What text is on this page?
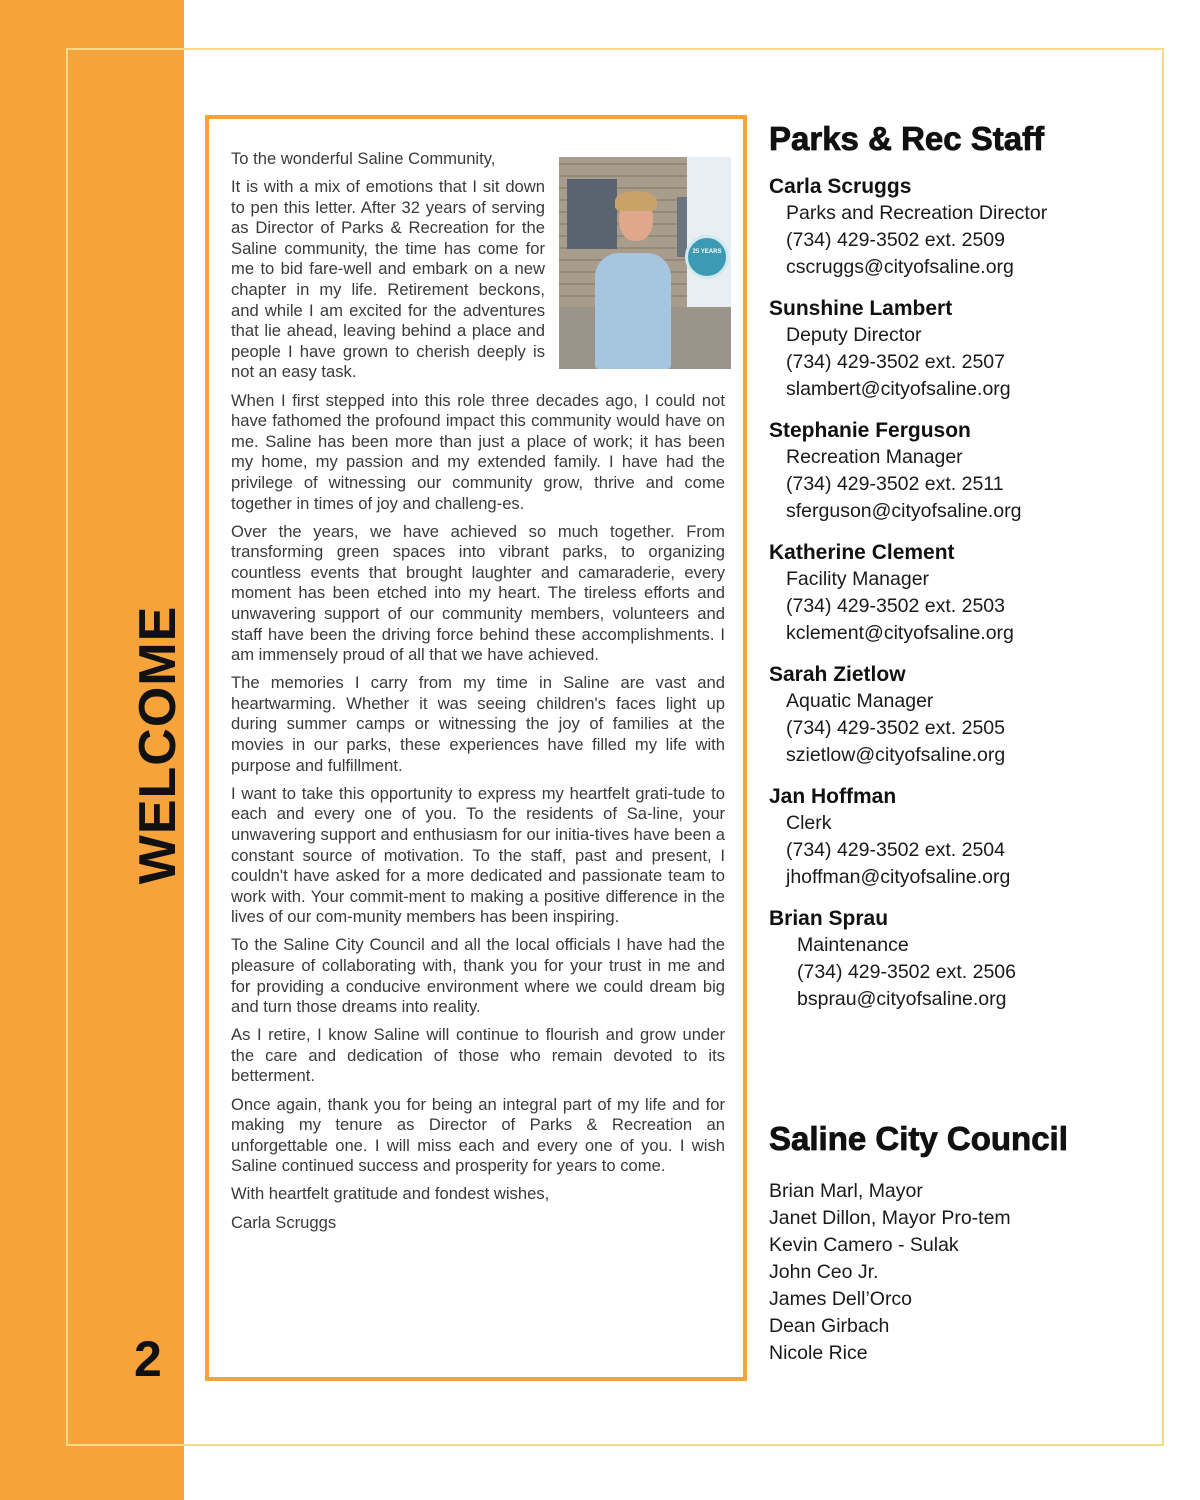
WELCOME
2
25 YEARS

To the wonderful Saline Community,

It is with a mix of emotions that I sit down to pen this letter. After 32 years of serving as Director of Parks & Recreation for the Saline community, the time has come for me to bid fare-well and embark on a new chapter in my life. Retirement beckons, and while I am excited for the adventures that lie ahead, leaving behind a place and people I have grown to cherish deeply is not an easy task.

When I first stepped into this role three decades ago, I could not have fathomed the profound impact this community would have on me. Saline has been more than just a place of work; it has been my home, my passion and my extended family. I have had the privilege of witnessing our community grow, thrive and come together in times of joy and challeng-es.

Over the years, we have achieved so much together. From transforming green spaces into vibrant parks, to organizing countless events that brought laughter and camaraderie, every moment has been etched into my heart. The tireless efforts and unwavering support of our community members, volunteers and staff have been the driving force behind these accomplishments. I am immensely proud of all that we have achieved.

The memories I carry from my time in Saline are vast and heartwarming. Whether it was seeing children's faces light up during summer camps or witnessing the joy of families at the movies in our parks, these experiences have filled my life with purpose and fulfillment.

I want to take this opportunity to express my heartfelt grati-tude to each and every one of you. To the residents of Sa-line, your unwavering support and enthusiasm for our initia-tives have been a constant source of motivation. To the staff, past and present, I couldn't have asked for a more dedicated and passionate team to work with. Your commit-ment to making a positive difference in the lives of our com-munity members has been inspiring.

To the Saline City Council and all the local officials I have had the pleasure of collaborating with, thank you for your trust in me and for providing a conducive environment where we could dream big and turn those dreams into reality.

As I retire, I know Saline will continue to flourish and grow under the care and dedication of those who remain devoted to its betterment.

Once again, thank you for being an integral part of my life and for making my tenure as Director of Parks & Recreation an unforgettable one. I will miss each and every one of you. I wish Saline continued success and prosperity for years to come.

With heartfelt gratitude and fondest wishes,

Carla Scruggs

Parks & Rec Staff
Carla Scruggs
Parks and Recreation Director
(734) 429-3502 ext. 2509
cscruggs@cityofsaline.org
Sunshine Lambert
Deputy Director
(734) 429-3502 ext. 2507
slambert@cityofsaline.org
Stephanie Ferguson
Recreation Manager
(734) 429-3502 ext. 2511
sferguson@cityofsaline.org
Katherine Clement
Facility Manager
(734) 429-3502 ext. 2503
kclement@cityofsaline.org
Sarah Zietlow
Aquatic Manager
(734) 429-3502 ext. 2505
szietlow@cityofsaline.org
Jan Hoffman
Clerk
(734) 429-3502 ext. 2504
jhoffman@cityofsaline.org
Brian Sprau
Maintenance
(734) 429-3502 ext. 2506
bsprau@cityofsaline.org
Saline City Council
Brian Marl, Mayor
Janet Dillon, Mayor Pro-tem
Kevin Camero - Sulak
John Ceo Jr.
James Dell’Orco
Dean Girbach
Nicole Rice
